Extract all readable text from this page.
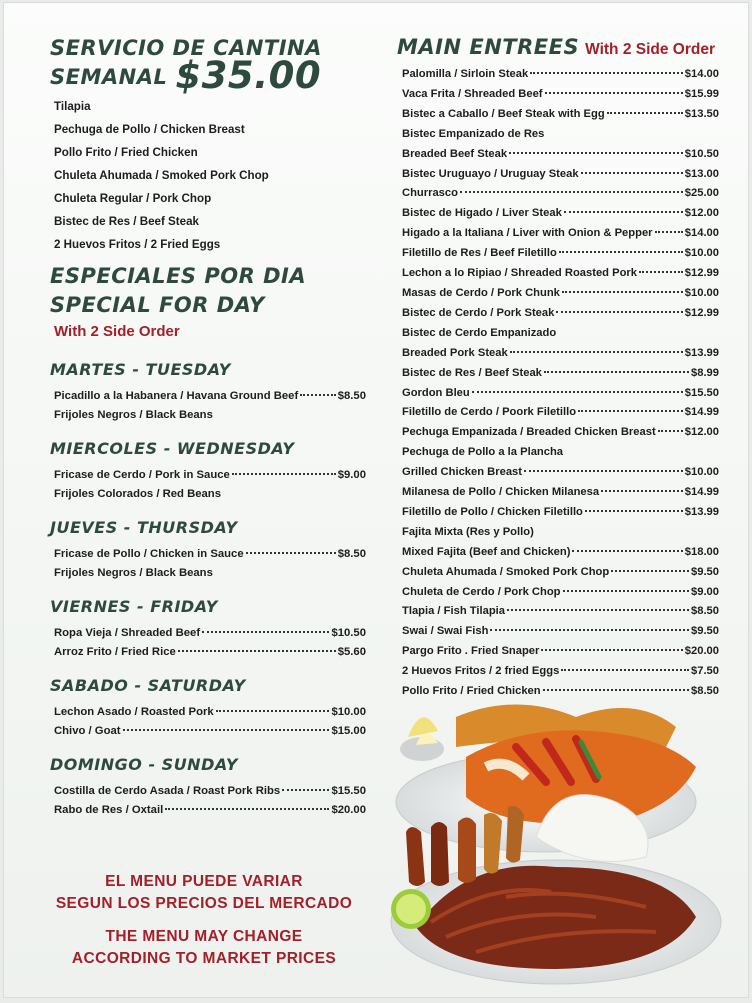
SERVICIO DE CANTINA
SEMANAL $35.00
Tilapia
Pechuga de Pollo / Chicken Breast
Pollo Frito / Fried Chicken
Chuleta Ahumada / Smoked Pork Chop
Chuleta Regular / Pork Chop
Bistec de Res / Beef Steak
2 Huevos Fritos / 2 Fried Eggs
ESPECIALES POR DIA
SPECIAL FOR DAY
With 2 Side Order
MARTES - TUESDAY
Picadillo a la Habanera / Havana Ground Beef	$8.50
Frijoles Negros / Black Beans
MIERCOLES - WEDNESDAY
Fricase de Cerdo / Pork in Sauce	$9.00
Frijoles Colorados / Red Beans
JUEVES - THURSDAY
Fricase de Pollo / Chicken in Sauce	$8.50
Frijoles Negros / Black Beans
VIERNES - FRIDAY
Ropa Vieja / Shreaded Beef	$10.50
Arroz Frito / Fried Rice	$5.60
SABADO - SATURDAY
Lechon Asado / Roasted Pork	$10.00
Chivo / Goat	$15.00
DOMINGO - SUNDAY
Costilla de Cerdo Asada / Roast Pork Ribs	$15.50
Rabo de Res / Oxtail	$20.00

EL MENU PUEDE VARIAR

SEGUN LOS PRECIOS DEL MERCADO

THE MENU MAY CHANGE

ACCORDING TO MARKET PRICES

MAIN ENTREES With 2 Side Order
Palomilla / Sirloin Steak	$14.00
Vaca Frita / Shreaded Beef	$15.99
Bistec a Caballo / Beef Steak with Egg	$13.50
Bistec Empanizado de Res
Breaded Beef Steak	$10.50
Bistec Uruguayo / Uruguay Steak	$13.00
Churrasco	$25.00
Bistec de Higado / Liver Steak	$12.00
Higado a la Italiana / Liver with Onion & Pepper	$14.00
Filetillo de Res / Beef Filetillo	$10.00
Lechon a lo Ripiao / Shreaded Roasted Pork	$12.99
Masas de Cerdo / Pork Chunk	$10.00
Bistec de Cerdo / Pork Steak	$12.99
Bistec de Cerdo Empanizado
Breaded Pork Steak	$13.99
Bistec de Res / Beef Steak	$8.99
Gordon Bleu	$15.50
Filetillo de Cerdo / Poork Filetillo	$14.99
Pechuga Empanizada / Breaded Chicken Breast	$12.00
Pechuga de Pollo a la Plancha
Grilled Chicken Breast	$10.00
Milanesa de Pollo / Chicken Milanesa	$14.99
Filetillo de Pollo / Chicken Filetillo	$13.99
Fajita Mixta (Res y Pollo)
Mixed Fajita (Beef and Chicken)	$18.00
Chuleta Ahumada / Smoked Pork Chop	$9.50
Chuleta de Cerdo / Pork Chop	$9.00
Tlapia / Fish Tilapia	$8.50
Swai / Swai Fish	$9.50
Pargo Frito . Fried Snaper	$20.00
2 Huevos Fritos / 2 fried Eggs	$7.50
Pollo Frito / Fried Chicken	$8.50
